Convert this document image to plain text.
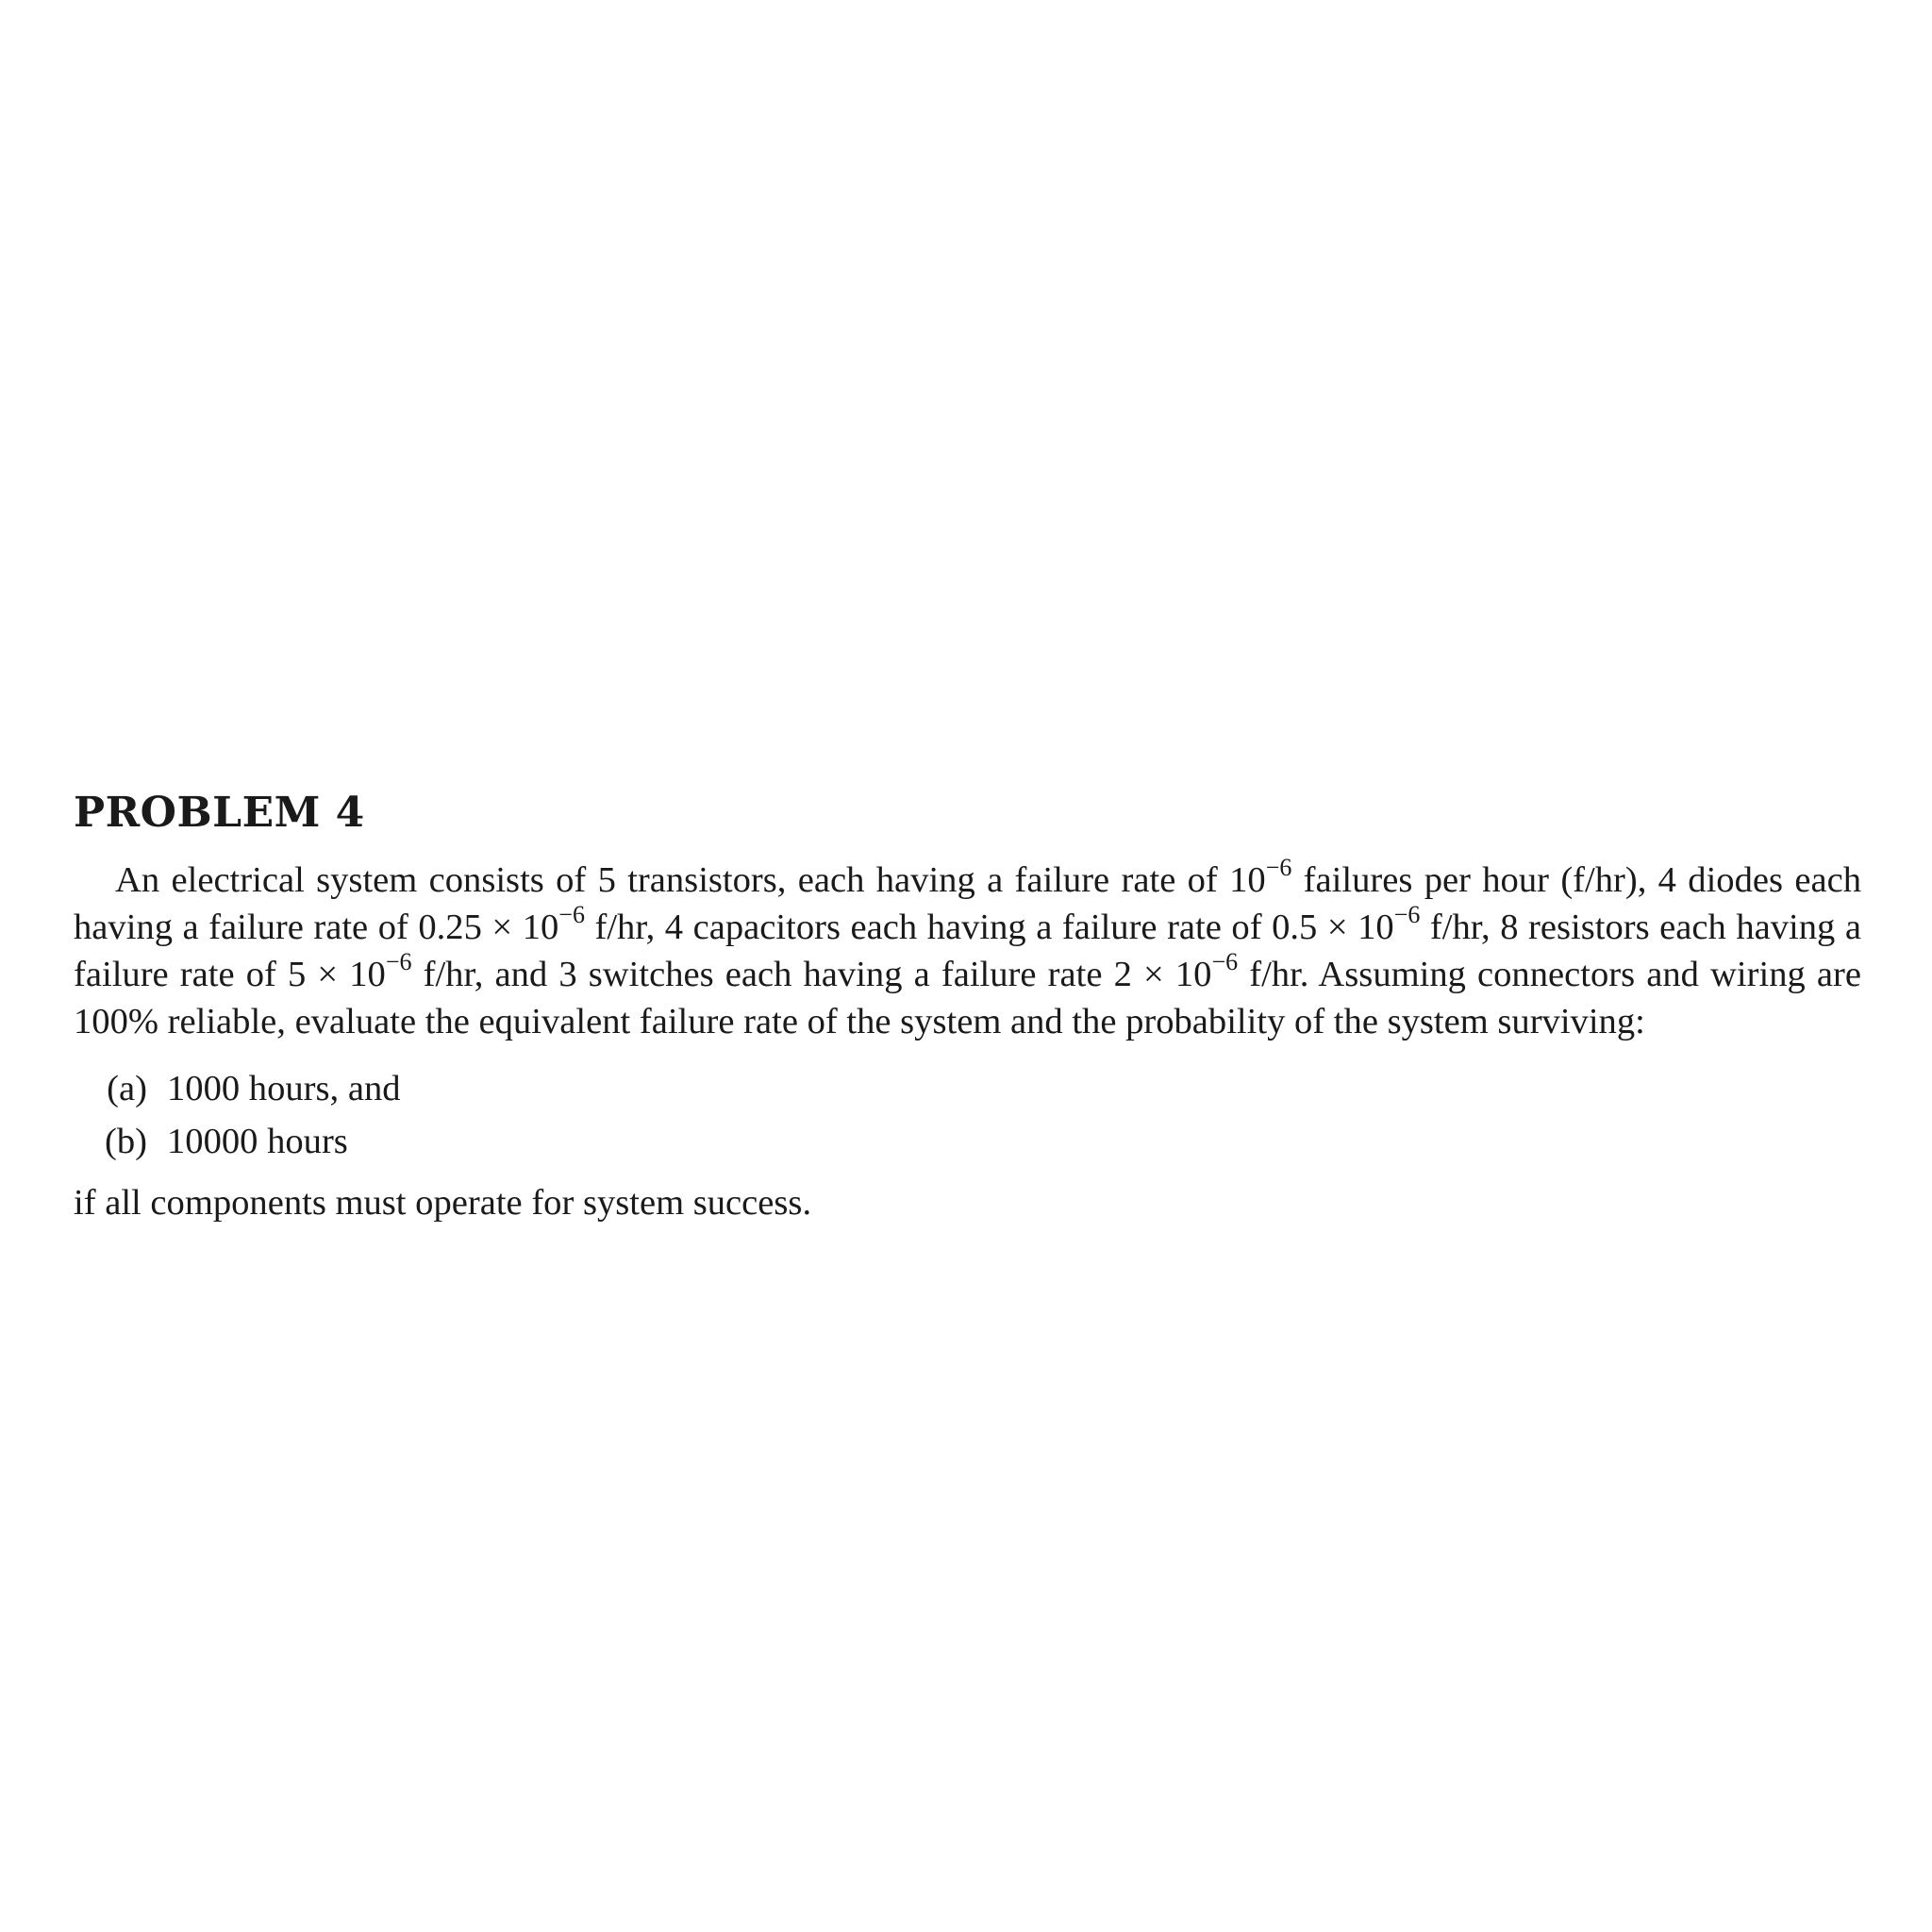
PROBLEM 4

An electrical system consists of 5 transistors, each having a failure rate of $10^{-6}$ failures per hour (f/hr), 4 diodes each having a failure rate of $0.25 \times 10^{-6}$ f/hr, 4 capacitors each having a failure rate of $0.5 \times 10^{-6}$ f/hr, 8 resistors each having a failure rate of $5 \times 10^{-6}$ f/hr, and 3 switches each having a failure rate $2 \times 10^{-6}$ f/hr. Assuming connectors and wiring are 100% reliable, evaluate the equivalent failure rate of the system and the probability of the system surviving:

(a) 1000 hours, and
(b) 10000 hours

if all components must operate for system success.
